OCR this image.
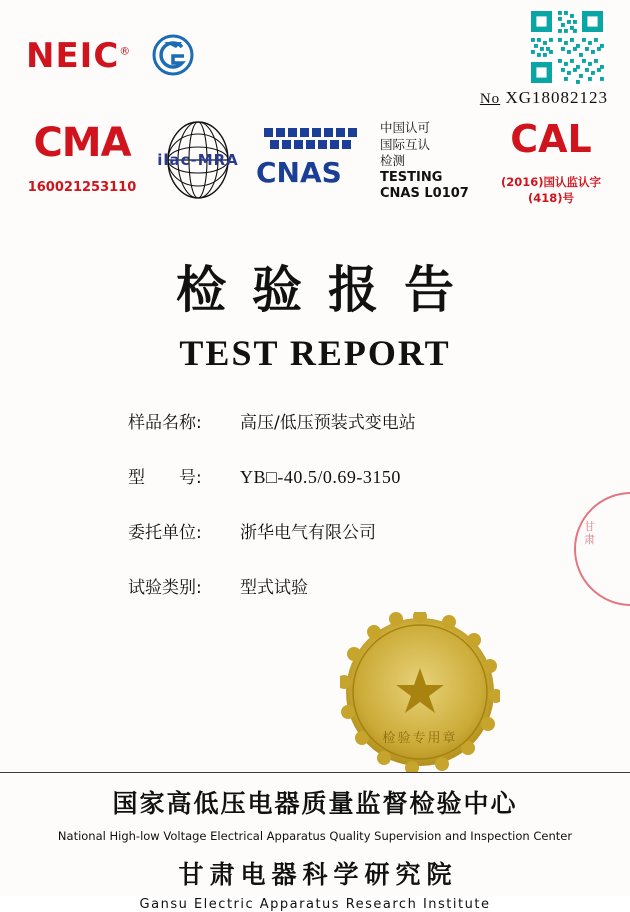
NEIC®
No XG18082123
CMA
160021253110
ilac-MRA CNAS
中国认可
国际互认
检测
TESTING
CNAS L0107
CAL
(2016)国认监认字(418)号
检验报告
TEST REPORT
样品名称:	高压/低压预装式变电站
型　　号:	YB□-40.5/0.69-3150
委托单位:	浙华电气有限公司
试验类别:	型式试验
检验专用章
甘肃
国家高低压电器质量监督检验中心
National High-low Voltage Electrical Apparatus Quality Supervision and Inspection Center
甘肃电器科学研究院
Gansu Electric Apparatus Research Institute
